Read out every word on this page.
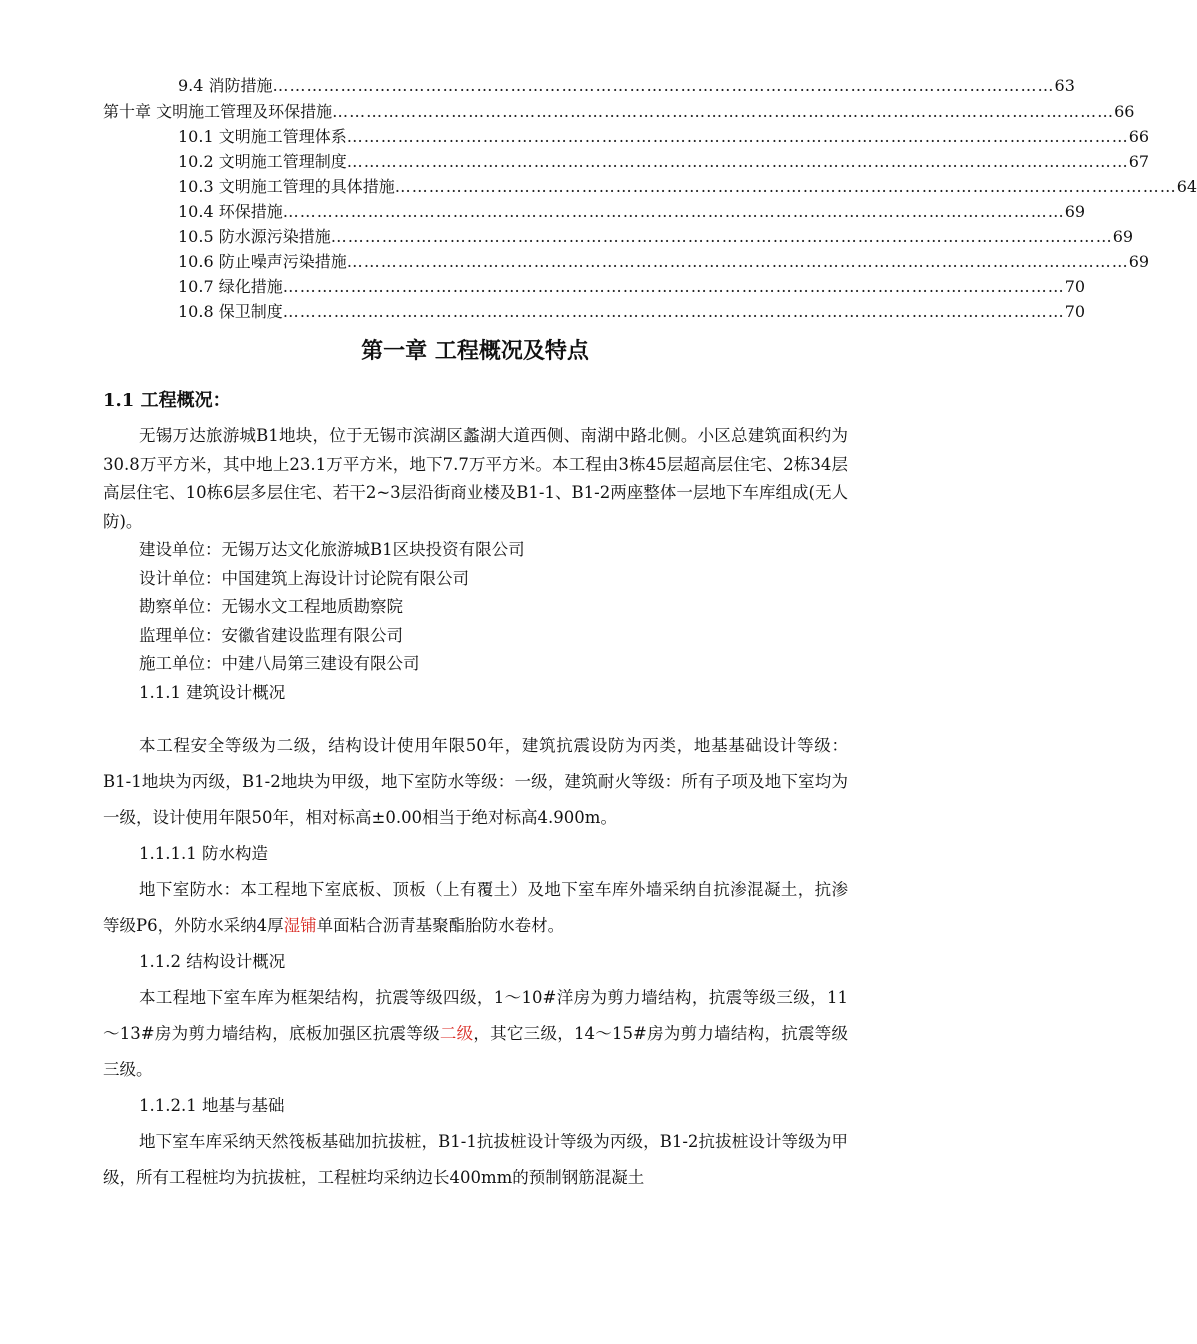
9.4 消防措施 ………………………………………………………………………………………………………………………… 63
第十章 文明施工管理及环保措施 ………………………………………………………………………………………………………………………… 66
10.1 文明施工管理体系 ………………………………………………………………………………………………………………………… 66
10.2 文明施工管理制度 ………………………………………………………………………………………………………………………… 67
10.3 文明施工管理的具体措施 ………………………………………………………………………………………………………………………… 64
10.4 环保措施 ………………………………………………………………………………………………………………………… 69
10.5 防水源污染措施 ………………………………………………………………………………………………………………………… 69
10.6 防止噪声污染措施 ………………………………………………………………………………………………………………………… 69
10.7 绿化措施 ………………………………………………………………………………………………………………………… 70
10.8 保卫制度 ………………………………………………………………………………………………………………………… 70
第一章 工程概况及特点
1.1 工程概况：

无锡万达旅游城B1地块，位于无锡市滨湖区蠡湖大道西侧、南湖中路北侧。小区总建筑面积约为30.8万平方米，其中地上23.1万平方米，地下7.7万平方米。本工程由3栋45层超高层住宅、2栋34层高层住宅、10栋6层多层住宅、若干2~3层沿街商业楼及B1-1、B1-2两座整体一层地下车库组成(无人防)。

建设单位：无锡万达文化旅游城B1区块投资有限公司

设计单位：中国建筑上海设计讨论院有限公司

勘察单位：无锡水文工程地质勘察院

监理单位：安徽省建设监理有限公司

施工单位：中建八局第三建设有限公司

1.1.1 建筑设计概况

本工程安全等级为二级，结构设计使用年限50年，建筑抗震设防为丙类，地基基础设计等级：B1-1地块为丙级，B1-2地块为甲级，地下室防水等级：一级，建筑耐火等级：所有子项及地下室均为一级，设计使用年限50年，相对标高±0.00相当于绝对标高4.900m。

1.1.1.1 防水构造

地下室防水：本工程地下室底板、顶板（上有覆土）及地下室车库外墙采纳自抗渗混凝土，抗渗等级P6，外防水采纳4厚湿铺单面粘合沥青基聚酯胎防水卷材。

1.1.2 结构设计概况

本工程地下室车库为框架结构，抗震等级四级，1～10#洋房为剪力墙结构，抗震等级三级，11～13#房为剪力墙结构，底板加强区抗震等级二级，其它三级，14～15#房为剪力墙结构，抗震等级三级。

1.1.2.1 地基与基础

地下室车库采纳天然筏板基础加抗拔桩，B1-1抗拔桩设计等级为丙级，B1-2抗拔桩设计等级为甲级，所有工程桩均为抗拔桩，工程桩均采纳边长400mm的预制钢筋混凝土
